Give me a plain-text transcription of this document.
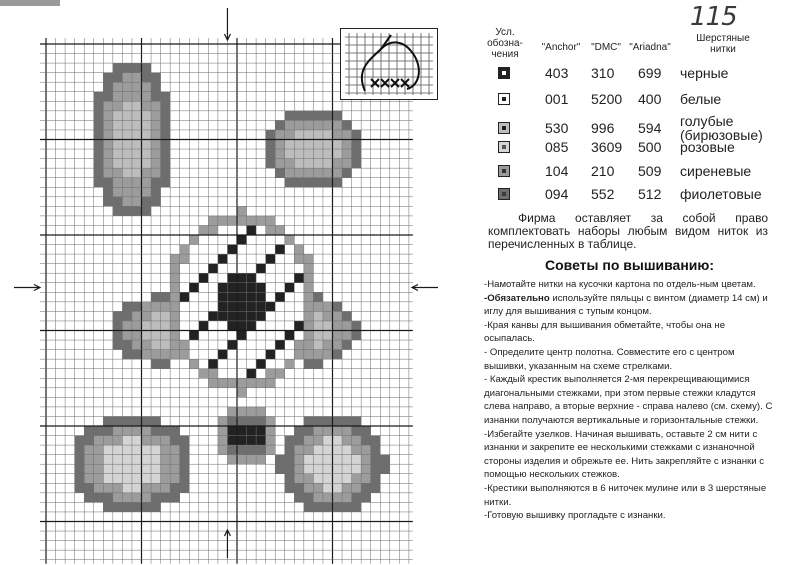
115
Усл. обозна-чения
"Anchor"	"DMC" "Ariadna"
Шерстяные нитки
403 310 699 черные
001 5200 400 белые
530 996 594 голубые (бирюзовые)
085 3609 500 розовые
104 210 509 сиреневые
094 552 512 фиолетовые
Фирма оставляет за собой право комплектовать наборы любым видом ниток из перечисленных в таблице.
Советы по вышиванию:

-Намотайте нитки на кусочки картона по отдель-ным цветам.

-Обязательно используйте пяльцы с винтом (диаметр 14 см) и иглу для вышивания с тупым концом.

-Края канвы для вышивания обметайте, чтобы она не осыпалась.

- Определите центр полотна. Совместите его с центром вышивки, указанным на схеме стрелками.

- Каждый крестик выполняется 2-мя перекрещивающимися диагональными стежками, при этом первые стежки кладутся слева направо, а вторые верхние - справа налево (см. схему). С изнанки получаются вертикальные и горизонтальные стежки.

-Избегайте узелков. Начиная вышивать, оставьте 2 см нити с изнанки и закрепите ее несколькими стежками с изнаночной стороны изделия и обрежьте ее. Нить закрепляйте с изнанки с помощью нескольких стежков.

-Крестики выполняются в 6 ниточек мулине или в 3 шерстяные нитки.

-Готовую вышивку прогладьте с изнанки.
